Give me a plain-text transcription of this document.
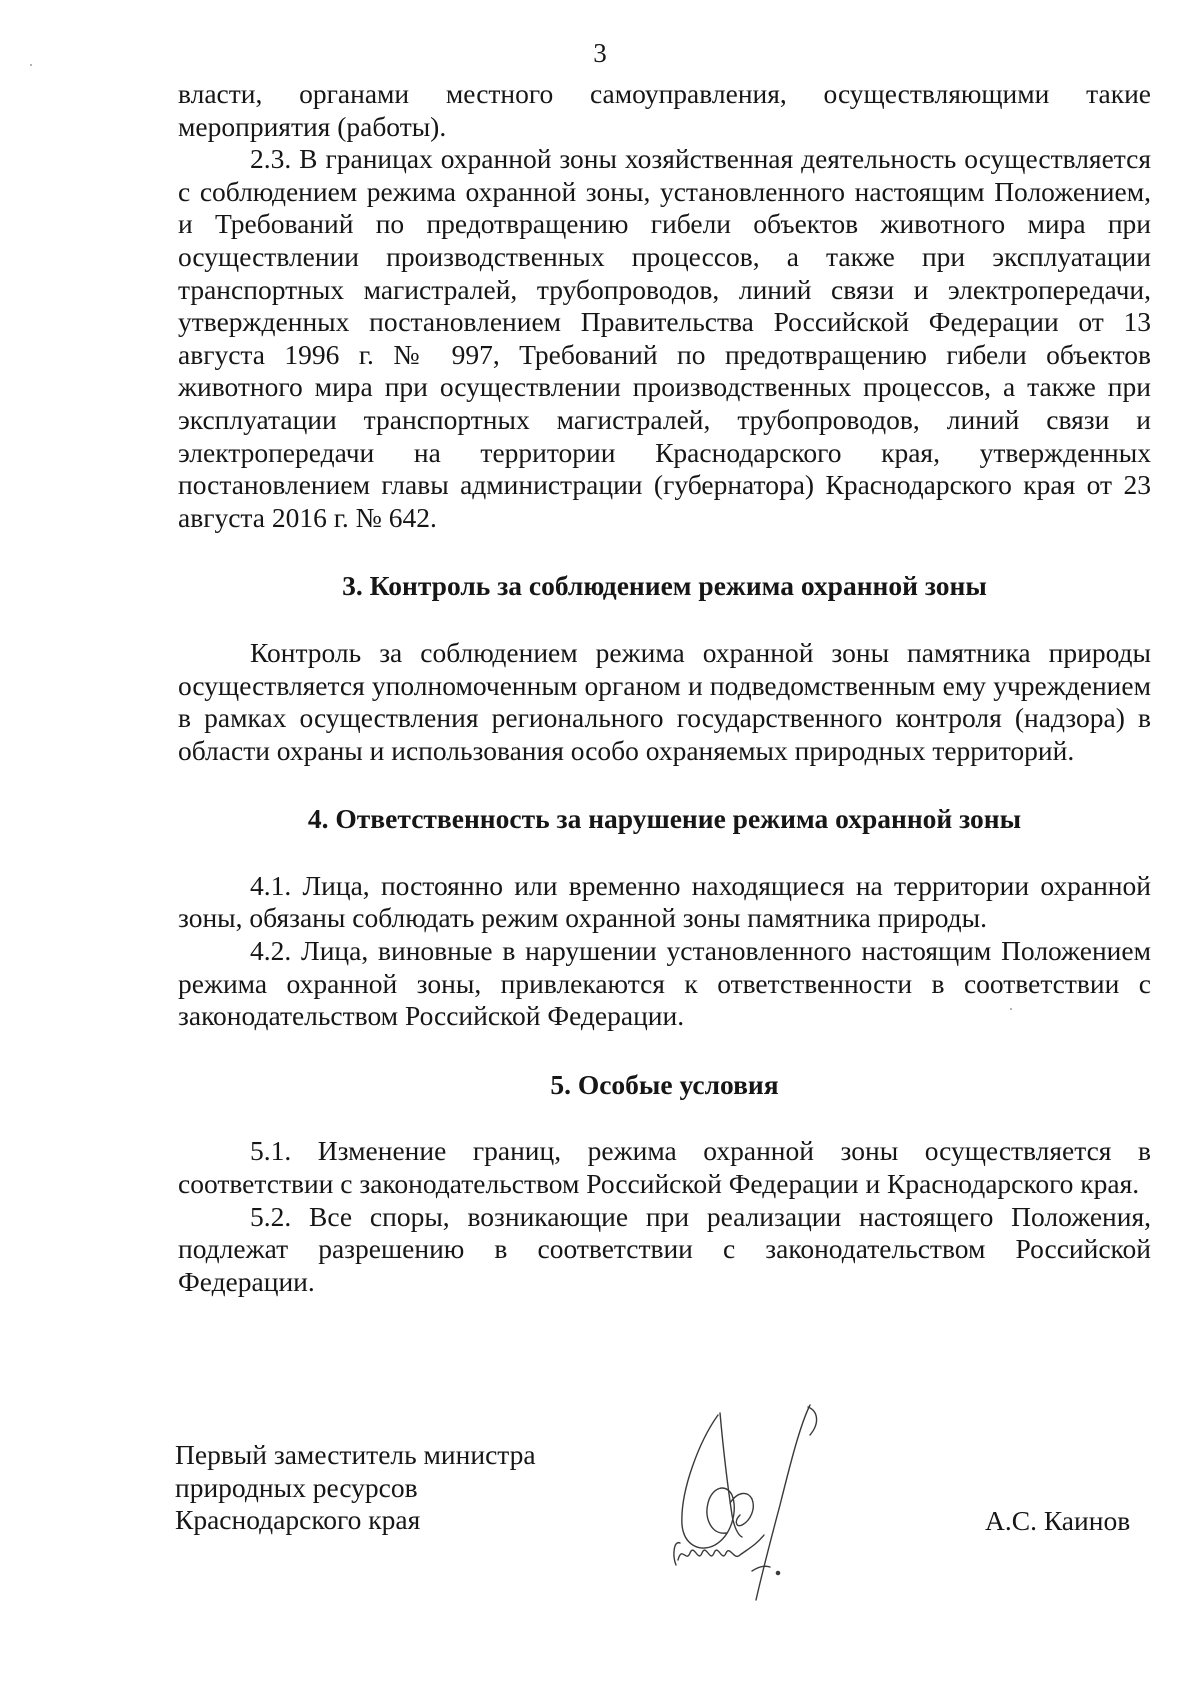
3

власти, органами местного самоуправления, осуществляющими такие мероприятия (работы).

2.3. В границах охранной зоны хозяйственная деятельность осуществляется с соблюдением режима охранной зоны, установленного настоящим Положением, и Требований по предотвращению гибели объектов животного мира при осуществлении производственных процессов, а также при эксплуатации транспортных магистралей, трубопроводов, линий связи и электропередачи, утвержденных постановлением Правительства Российской Федерации от 13 августа 1996 г. № 997, Требований по предотвращению гибели объектов животного мира при осуществлении производственных процессов, а также при эксплуатации транспортных магистралей, трубопроводов, линий связи и электропередачи на территории Краснодарского края, утвержденных постановлением главы администрации (губернатора) Краснодарского края от 23 августа 2016 г. № 642.

3. Контроль за соблюдением режима охранной зоны

Контроль за соблюдением режима охранной зоны памятника природы осуществляется уполномоченным органом и подведомственным ему учреждением в рамках осуществления регионального государственного контроля (надзора) в области охраны и использования особо охраняемых природных территорий.

4. Ответственность за нарушение режима охранной зоны

4.1. Лица, постоянно или временно находящиеся на территории охранной зоны, обязаны соблюдать режим охранной зоны памятника природы.

4.2. Лица, виновные в нарушении установленного настоящим Положением режима охранной зоны, привлекаются к ответственности в соответствии с законодательством Российской Федерации.

5. Особые условия

5.1. Изменение границ, режима охранной зоны осуществляется в соответствии с законодательством Российской Федерации и Краснодарского края.

5.2. Все споры, возникающие при реализации настоящего Положения, подлежат разрешению в соответствии с законодательством Российской Федерации.

Первый заместитель министра
природных ресурсов
Краснодарского края	А.С. Каинов
